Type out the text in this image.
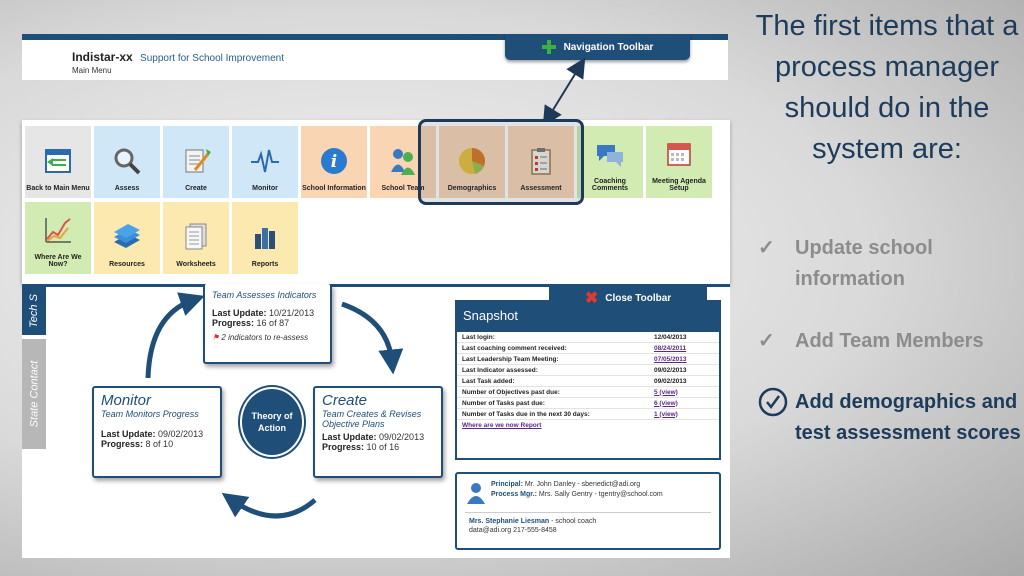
Indistar-xx Support for School Improvement
Main Menu
Navigation Toolbar
Back to Main Menu	Assess	Create	Monitor
i
School Information School Team	Demographics	Assessment
Coaching Comments
Meeting Agenda Setup
Where Are We Now?	Resources	Worksheets	Reports
Tech S
State Contact
Team Assesses Indicators
Last Update: 10/21/2013
Progress: 16 of 87
⚑ 2 indicators to re-assess
Monitor
Team Monitors Progress
Last Update: 09/02/2013
Progress: 8 of 10
Theory of Action
Create
Team Creates & Revises Objective Plans
Last Update: 09/02/2013
Progress: 10 of 16
Snapshot
Last login:	12/04/2013
Last coaching comment received:	08/24/2011
Last Leadership Team Meeting:	07/05/2013
Last Indicator assessed:	09/02/2013
Last Task added:	09/02/2013
Number of Objectives past due:	5 (view)
Number of Tasks past due:	6 (view)
Number of Tasks due in the next 30 days:	1 (view)
Where are we now Report
✖ Close Toolbar
Principal: Mr. John Danley - sbenedict@adi.org
Process Mgr.: Mrs. Sally Gentry - tgentry@school.com
Mrs. Stephanie Liesman - school coach
data@adi.org 217-555-8458
The first items that a process manager should do in the system are:
✓ Update school information
✓ Add Team Members
Add demographics and test assessment scores
